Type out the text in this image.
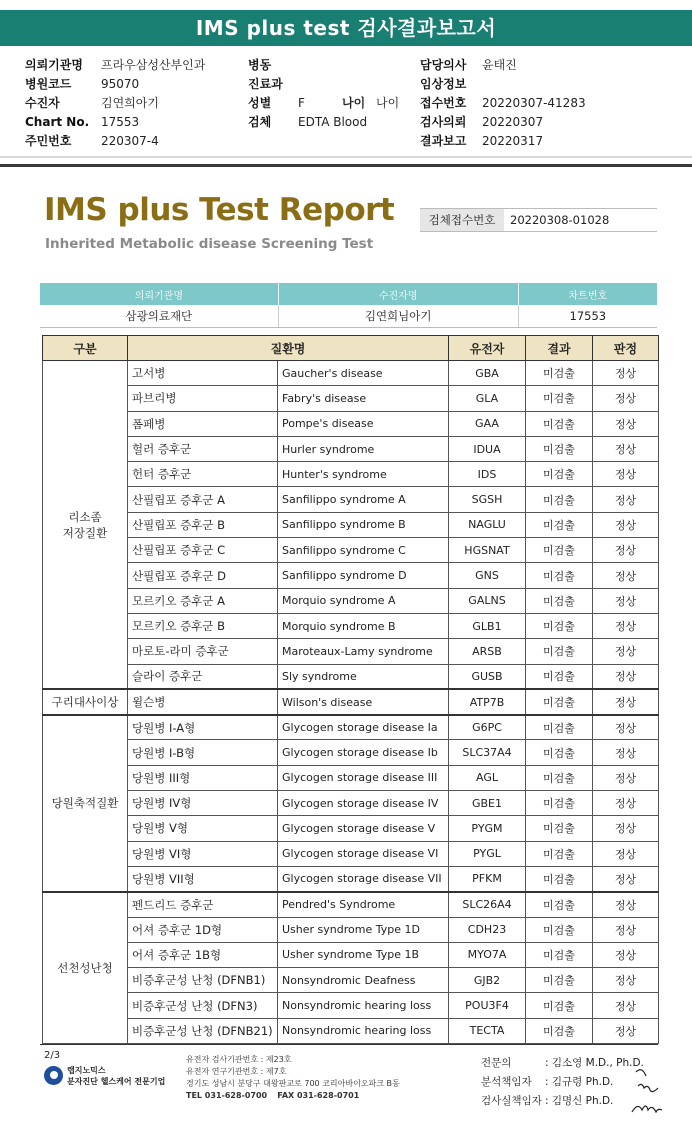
IMS plus test 검사결과보고서
의뢰기관명 프라우삼성산부인과
병원코드 95070
수진자	김연희아기
Chart No. 17553
주민번호 220307-4
병동
진료과
성별 F	나이 나이
검체 EDTA Blood
담당의사 윤태진
임상정보
접수번호 20220307-41283
검사의뢰 20220307
결과보고 20220317
IMS plus Test Report
Inherited Metabolic disease Screening Test
검체접수번호	20220308-01028
의뢰기관명	수진자명	차트번호
삼광의료재단	김연희님아기	17553
구분	질환명		유전자	결과	판정
리소좀
저장질환	고서병	Gaucher's disease	GBA	미검출	정상
	파브리병	Fabry's disease	GLA	미검출	정상
	폼페병	Pompe's disease	GAA	미검출	정상
	헐러 증후군	Hurler syndrome	IDUA	미검출	정상
	헌터 증후군	Hunter's syndrome	IDS	미검출	정상
	산필립포 증후군 A	Sanfilippo syndrome A	SGSH	미검출	정상
	산필립포 증후군 B	Sanfilippo syndrome B	NAGLU	미검출	정상
	산필립포 증후군 C	Sanfilippo syndrome C	HGSNAT	미검출	정상
	산필립포 증후군 D	Sanfilippo syndrome D	GNS	미검출	정상
	모르키오 증후군 A	Morquio syndrome A	GALNS	미검출	정상
	모르키오 증후군 B	Morquio syndrome B	GLB1	미검출	정상
	마로토-라미 증후군	Maroteaux-Lamy syndrome	ARSB	미검출	정상
	슬라이 증후군	Sly syndrome	GUSB	미검출	정상
구리대사이상	윌슨병	Wilson's disease	ATP7B	미검출	정상
당원축적질환	당원병 I-A형	Glycogen storage disease Ia	G6PC	미검출	정상
	당원병 I-B형	Glycogen storage disease Ib	SLC37A4	미검출	정상
	당원병 III형	Glycogen storage disease III	AGL	미검출	정상
	당원병 IV형	Glycogen storage disease IV	GBE1	미검출	정상
	당원병 V형	Glycogen storage disease V	PYGM	미검출	정상
	당원병 VI형	Glycogen storage disease VI	PYGL	미검출	정상
	당원병 VII형	Glycogen storage disease VII	PFKM	미검출	정상
선천성난청	펜드리드 증후군	Pendred's Syndrome	SLC26A4	미검출	정상
	어셔 증후군 1D형	Usher syndrome Type 1D	CDH23	미검출	정상
	어셔 증후군 1B형	Usher syndrome Type 1B	MYO7A	미검출	정상
	비증후군성 난청 (DFNB1)	Nonsyndromic Deafness	GJB2	미검출	정상
	비증후군성 난청 (DFN3)	Nonsyndromic hearing loss	POU3F4	미검출	정상
	비증후군성 난청 (DFNB21)	Nonsyndromic hearing loss	TECTA	미검출	정상
2/3
랩지노믹스
분자진단 헬스케어 전문기업
유전자 검사기관번호 : 제23호
유전자 연구기관번호 : 제7호
경기도 성남시 분당구 대왕판교로 700 코리아바이오파크 B동
TEL 031-628-0700 FAX 031-628-0701
전문의	: 김소영 M.D., Ph.D.
분석책임자 : 김규령 Ph.D.
검사실책임자 : 김명신 Ph.D.
